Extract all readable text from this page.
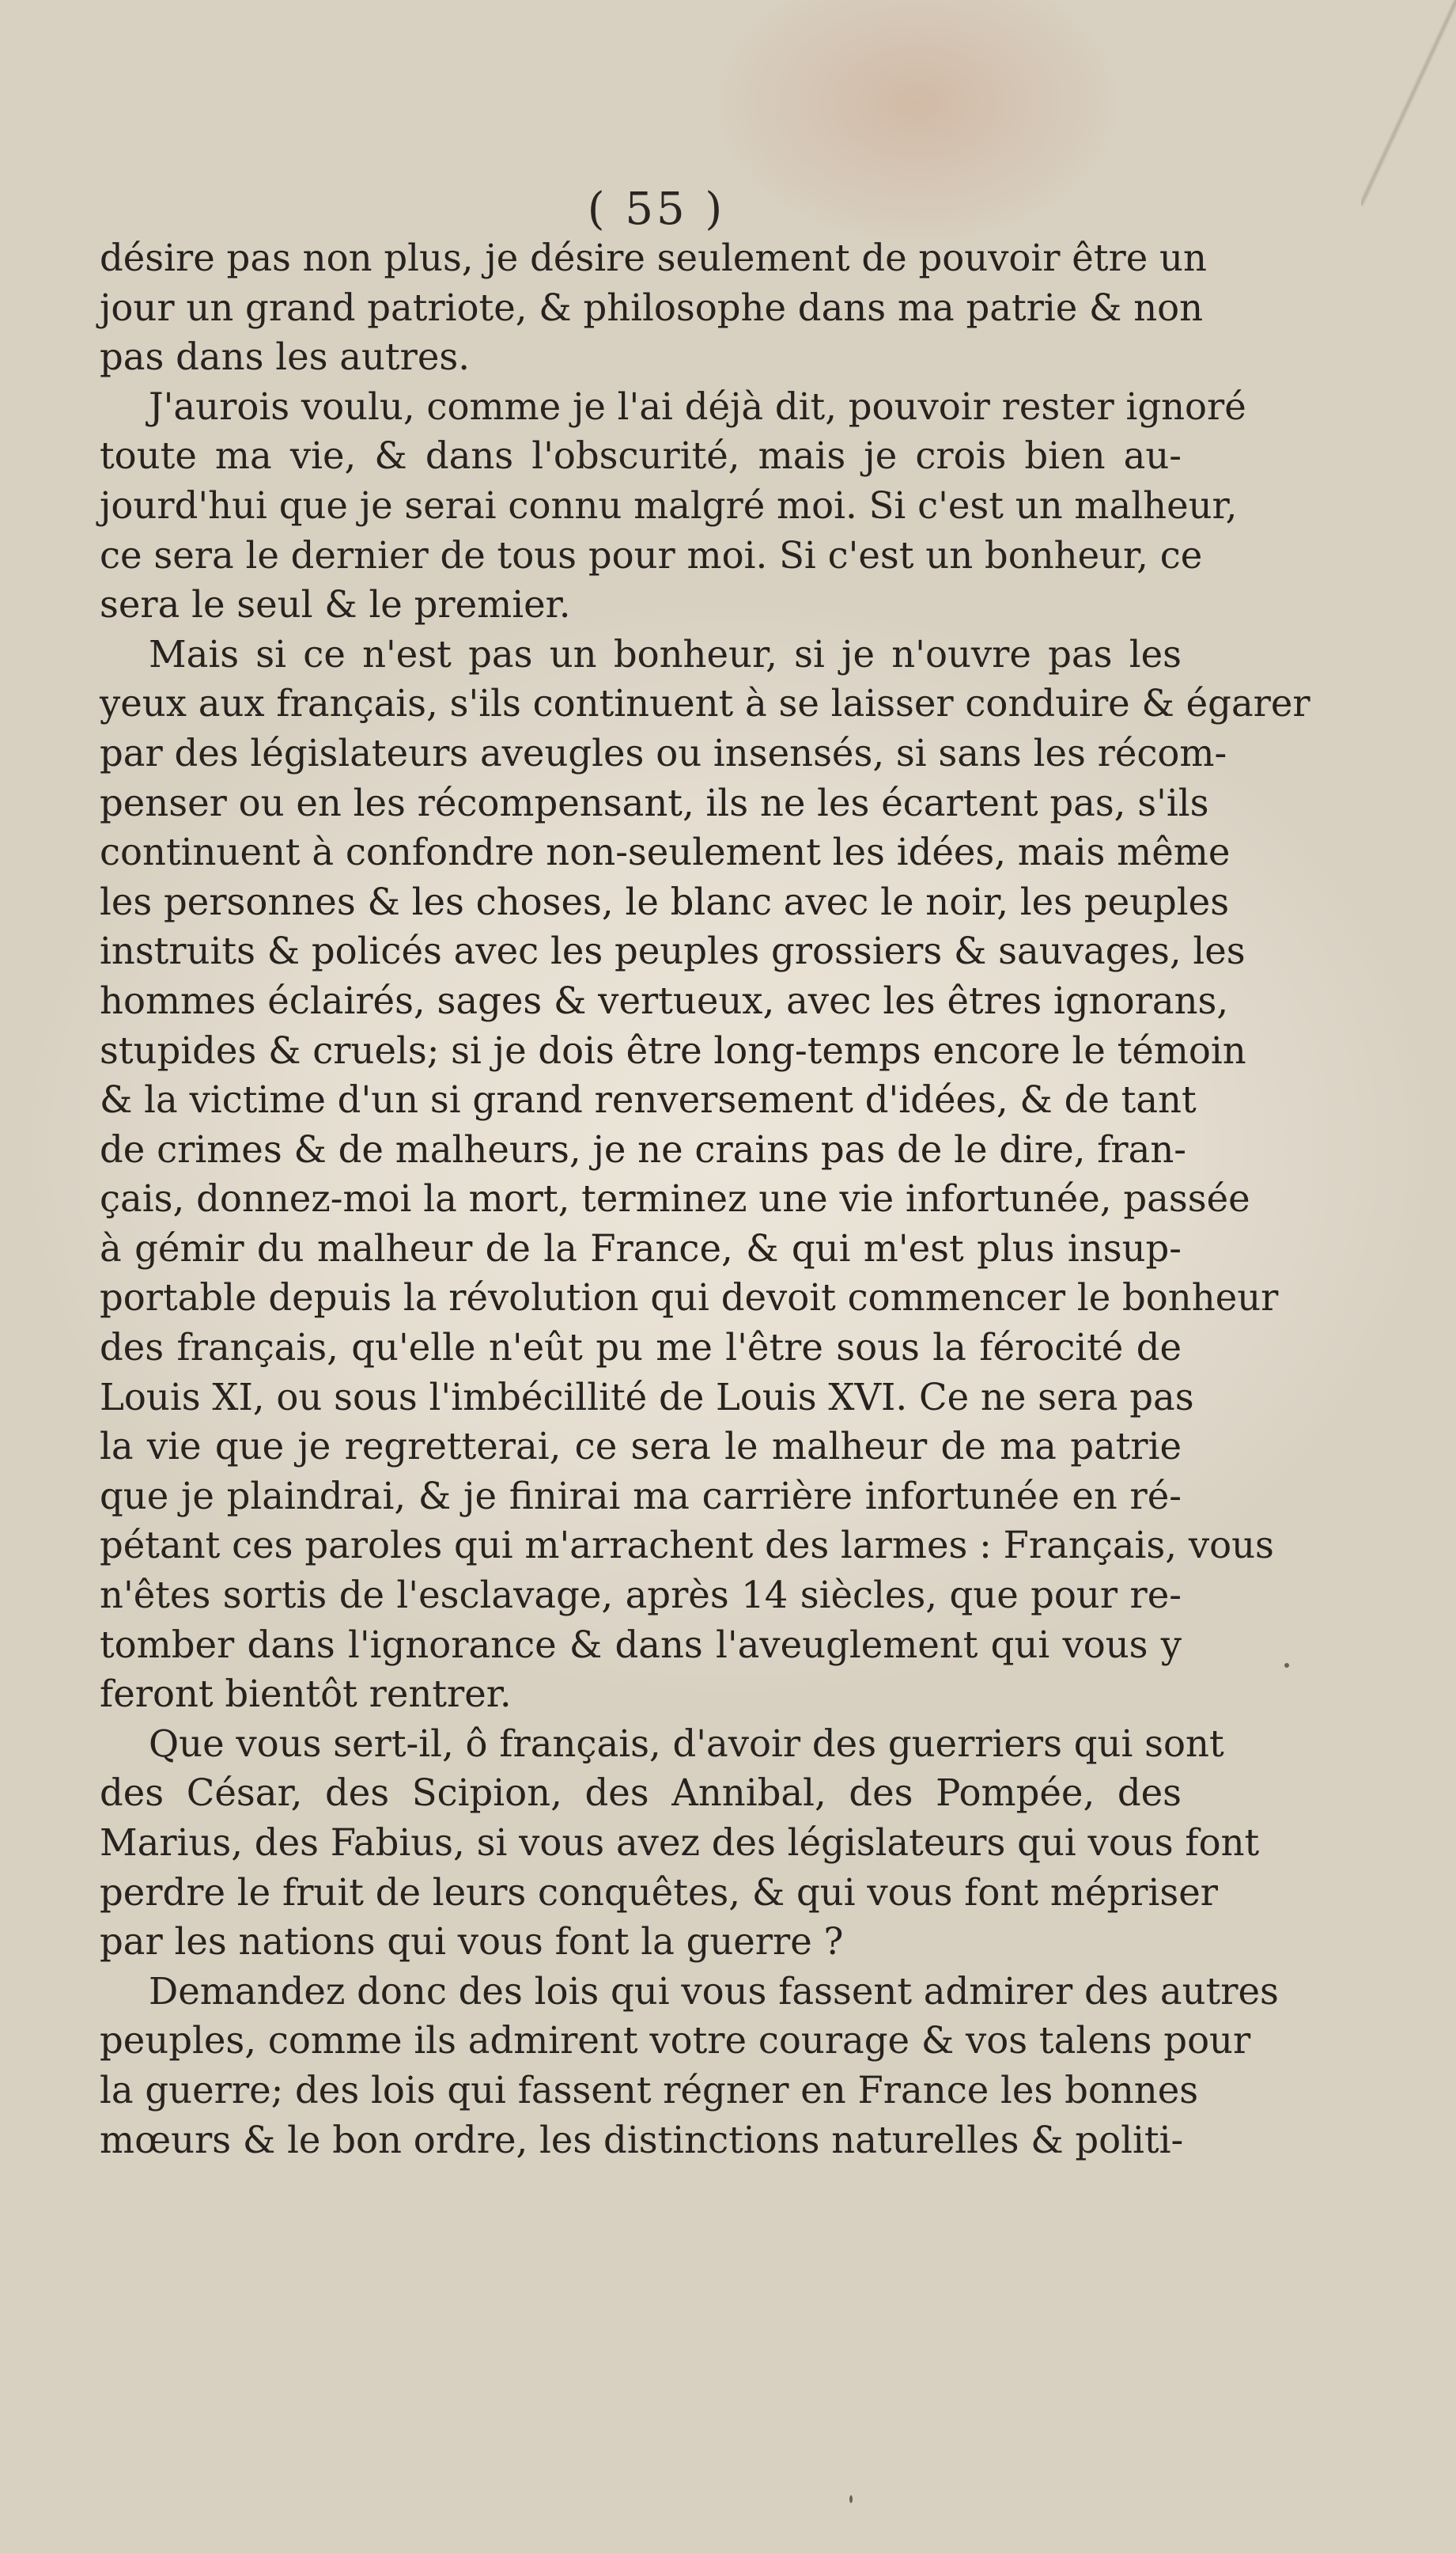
( 55 )
désire pas non plus, je désire seulement de pouvoir être un
jour un grand patriote, & philosophe dans ma patrie & non
pas dans les autres.
J'aurois voulu, comme je l'ai déjà dit, pouvoir rester ignoré
toute ma vie, & dans l'obscurité, mais je crois bien au-
jourd'hui que je serai connu malgré moi. Si c'est un malheur,
ce sera le dernier de tous pour moi. Si c'est un bonheur, ce
sera le seul & le premier.
Mais si ce n'est pas un bonheur, si je n'ouvre pas les
yeux aux français, s'ils continuent à se laisser conduire & égarer
par des législateurs aveugles ou insensés, si sans les récom-
penser ou en les récompensant, ils ne les écartent pas, s'ils
continuent à confondre non-seulement les idées, mais même
les personnes & les choses, le blanc avec le noir, les peuples
instruits & policés avec les peuples grossiers & sauvages, les
hommes éclairés, sages & vertueux, avec les êtres ignorans,
stupides & cruels; si je dois être long-temps encore le témoin
& la victime d'un si grand renversement d'idées, & de tant
de crimes & de malheurs, je ne crains pas de le dire, fran-
çais, donnez-moi la mort, terminez une vie infortunée, passée
à gémir du malheur de la France, & qui m'est plus insup-
portable depuis la révolution qui devoit commencer le bonheur
des français, qu'elle n'eût pu me l'être sous la férocité de
Louis XI, ou sous l'imbécillité de Louis XVI. Ce ne sera pas
la vie que je regretterai, ce sera le malheur de ma patrie
que je plaindrai, & je finirai ma carrière infortunée en ré-
pétant ces paroles qui m'arrachent des larmes : Français, vous
n'êtes sortis de l'esclavage, après 14 siècles, que pour re-
tomber dans l'ignorance & dans l'aveuglement qui vous y
feront bientôt rentrer.
Que vous sert-il, ô français, d'avoir des guerriers qui sont
des César, des Scipion, des Annibal, des Pompée, des
Marius, des Fabius, si vous avez des législateurs qui vous font
perdre le fruit de leurs conquêtes, & qui vous font mépriser
par les nations qui vous font la guerre ?
Demandez donc des lois qui vous fassent admirer des autres
peuples, comme ils admirent votre courage & vos talens pour
la guerre; des lois qui fassent régner en France les bonnes
mœurs & le bon ordre, les distinctions naturelles & politi-
